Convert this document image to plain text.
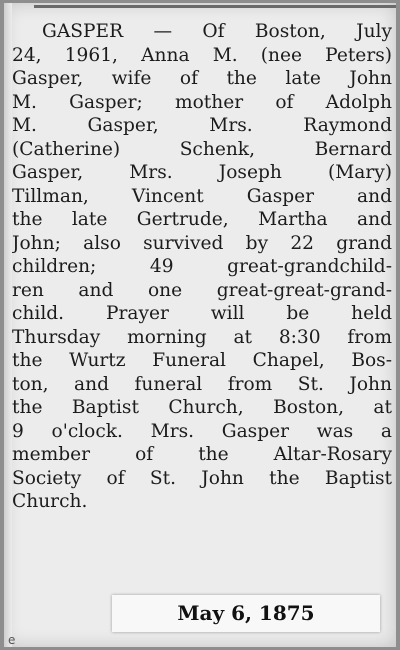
e
GASPER — Of Boston, July
24, 1961, Anna M. (nee Peters)
Gasper, wife of the late John
M. Gasper; mother of Adolph
M. Gasper, Mrs. Raymond
(Catherine) Schenk, Bernard
Gasper, Mrs. Joseph (Mary)
Tillman, Vincent Gasper and
the late Gertrude, Martha and
John; also survived by 22 grand
children; 49 great-grandchild-
ren and one great-great-grand-
child. Prayer will be held
Thursday morning at 8:30 from
the Wurtz Funeral Chapel, Bos-
ton, and funeral from St. John
the Baptist Church, Boston, at
9 o'clock. Mrs. Gasper was a
member of the Altar-Rosary
Society of St. John the Baptist
Church.
May 6, 1875
